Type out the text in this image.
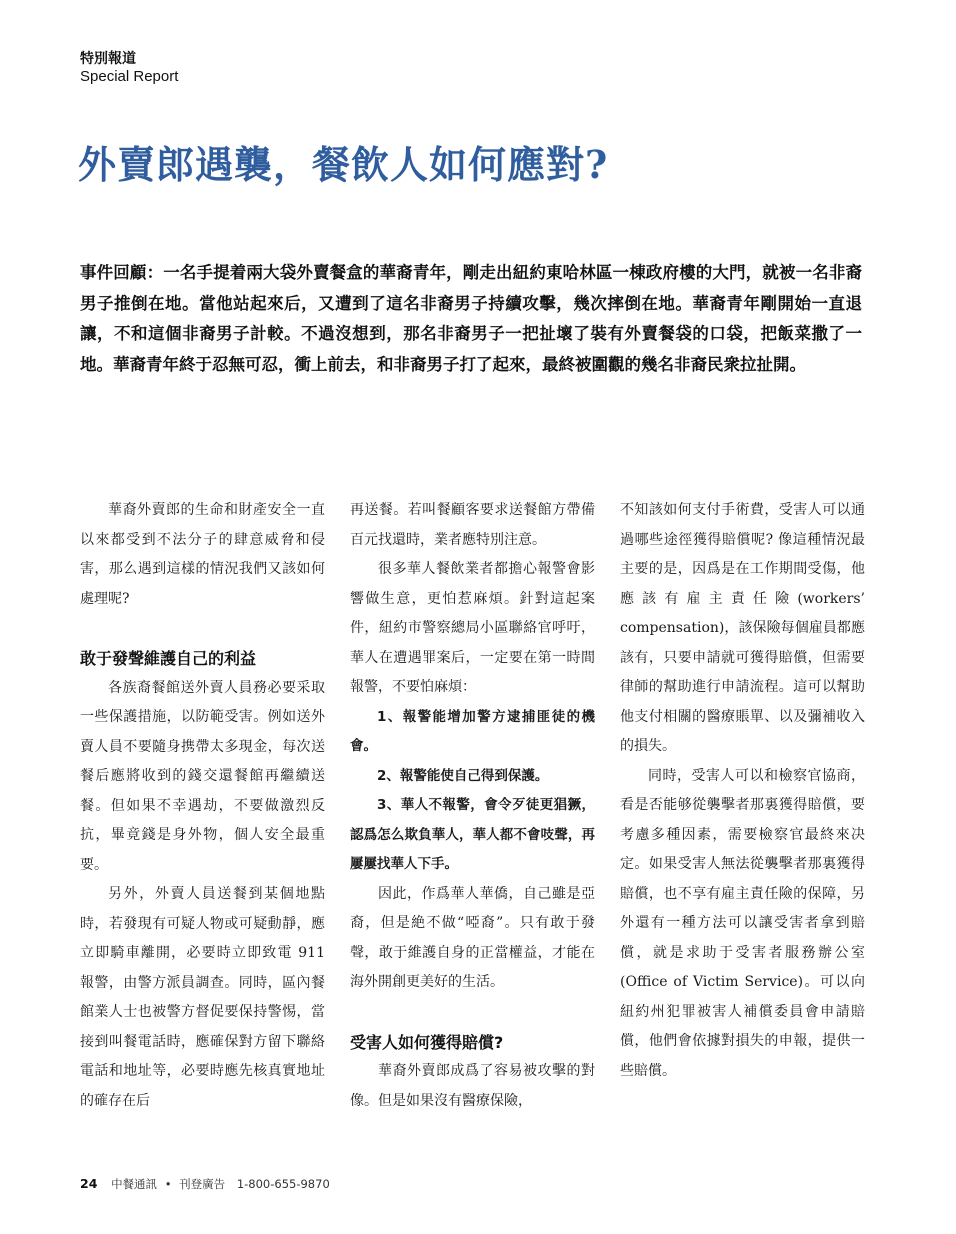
特別報道
Special Report
外賣郎遇襲，餐飲人如何應對?
事件回顧：一名手提着兩大袋外賣餐盒的華裔青年，剛走出紐約東哈林區一棟政府樓的大門，就被一名非裔男子推倒在地。當他站起來后，又遭到了這名非裔男子持續攻擊，幾次摔倒在地。華裔青年剛開始一直退讓，不和這個非裔男子計較。不過沒想到，那名非裔男子一把扯壞了裝有外賣餐袋的口袋，把飯菜撒了一地。華裔青年終于忍無可忍，衝上前去，和非裔男子打了起來，最終被圍觀的幾名非裔民衆拉扯開。

華裔外賣郎的生命和財產安全一直以來都受到不法分子的肆意威脅和侵害，那么遇到這樣的情況我們又該如何處理呢?

敢于發聲維護自己的利益

各族裔餐館送外賣人員務必要采取一些保護措施，以防範受害。例如送外賣人員不要隨身携帶太多現金，每次送餐后應將收到的錢交還餐館再繼續送餐。但如果不幸遇劫，不要做激烈反抗，畢竟錢是身外物，個人安全最重要。

另外，外賣人員送餐到某個地點時，若發現有可疑人物或可疑動靜，應立即騎車離開，必要時立即致電 911 報警，由警方派員調查。同時，區內餐館業人士也被警方督促要保持警惕，當接到叫餐電話時，應確保對方留下聯絡電話和地址等，必要時應先核真實地址的確存在后

再送餐。若叫餐顧客要求送餐館方帶備百元找還時，業者應特別注意。

很多華人餐飲業者都擔心報警會影響做生意，更怕惹麻煩。針對這起案件，紐約市警察總局小區聯絡官呼吁，華人在遭遇罪案后，一定要在第一時間報警，不要怕麻煩：

1、報警能增加警方逮捕匪徒的機會。

2、報警能使自己得到保護。

3、華人不報警，會令歹徒更猖獗，認爲怎么欺負華人，華人都不會吱聲，再屢屢找華人下手。

因此，作爲華人華僑，自己雖是亞裔，但是絶不做“啞裔”。只有敢于發聲，敢于維護自身的正當權益，才能在海外開創更美好的生活。

受害人如何獲得賠償?

華裔外賣郎成爲了容易被攻擊的對像。但是如果沒有醫療保險，

不知該如何支付手術費，受害人可以通過哪些途徑獲得賠償呢? 像這種情況最主要的是，因爲是在工作期間受傷，他應該有雇主責任險(workers’ compensation)，該保險每個雇員都應該有，只要申請就可獲得賠償，但需要律師的幫助進行申請流程。這可以幫助他支付相關的醫療賬單、以及彌補收入的損失。

同時，受害人可以和檢察官協商，看是否能够從襲擊者那裏獲得賠償，要考慮多種因素，需要檢察官最終來决定。如果受害人無法從襲擊者那裏獲得賠償，也不享有雇主責任險的保障，另外還有一種方法可以讓受害者拿到賠償，就是求助于受害者服務辦公室(Office of Victim Service)。可以向紐約州犯罪被害人補償委員會申請賠償，他們會依據對損失的申報，提供一些賠償。

24 中餐通訊 • 刊登廣告 1-800-655-9870
